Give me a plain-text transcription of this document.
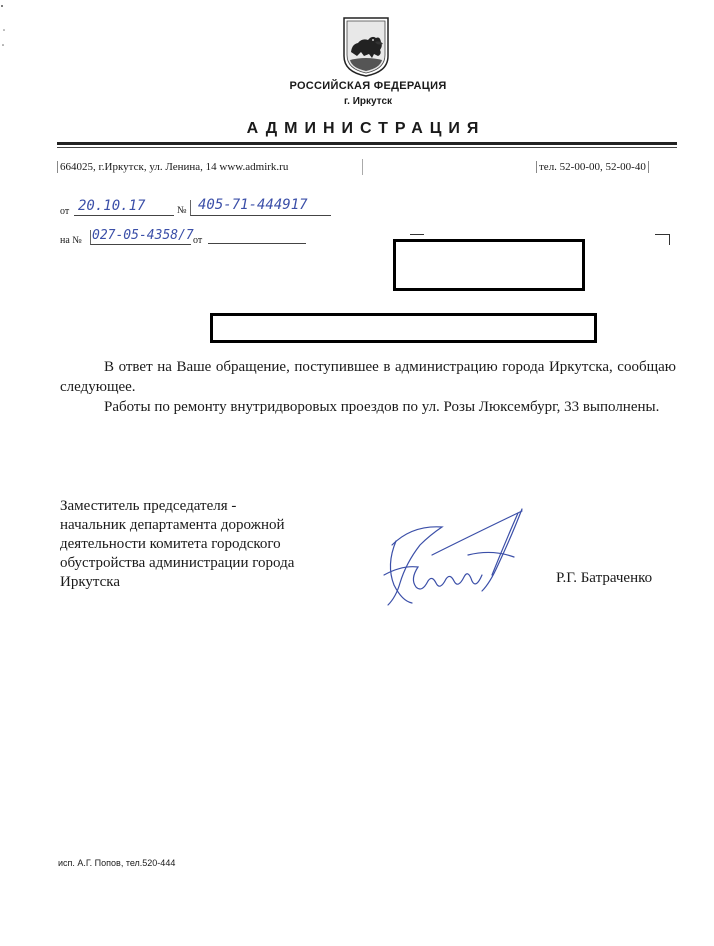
РОССИЙСКАЯ ФЕДЕРАЦИЯ
г. Иркутск
АДМИНИСТРАЦИЯ
664025, г.Иркутск, ул. Ленина, 14 www.admirk.ru	тел. 52-00-00, 52-00-40
от 20.10.17	№ 405-71-444917
на № 027-05-4358/7 от

В ответ на Ваше обращение, поступившее в администрацию города Иркутска, сообщаю следующее.

Работы по ремонту внутридворовых проездов по ул. Розы Люксембург, 33 выполнены.

Заместитель председателя -
начальник департамента дорожной
деятельности комитета городского
обустройства администрации города
Иркутска	Р.Г. Батраченко
исп. А.Г. Попов, тел.520-444
